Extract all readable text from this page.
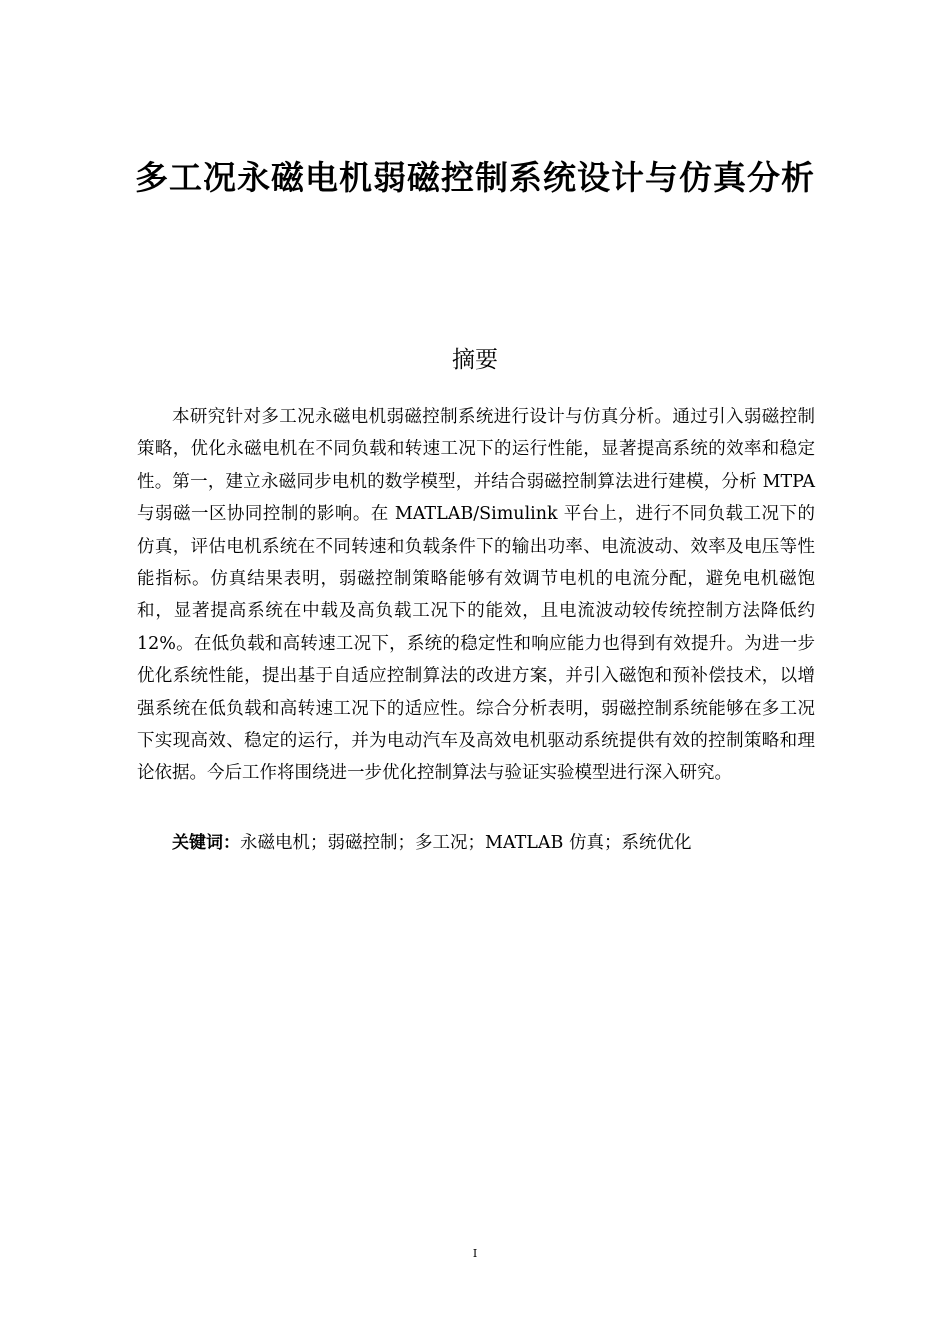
多工况永磁电机弱磁控制系统设计与仿真分析
摘要

本研究针对多工况永磁电机弱磁控制系统进行设计与仿真分析。通过引入弱磁控制策略，优化永磁电机在不同负载和转速工况下的运行性能，显著提高系统的效率和稳定性。第一，建立永磁同步电机的数学模型，并结合弱磁控制算法进行建模，分析 MTPA 与弱磁一区协同控制的影响。在 MATLAB/Simulink 平台上，进行不同负载工况下的仿真，评估电机系统在不同转速和负载条件下的输出功率、电流波动、效率及电压等性能指标。仿真结果表明，弱磁控制策略能够有效调节电机的电流分配，避免电机磁饱和，显著提高系统在中载及高负载工况下的能效，且电流波动较传统控制方法降低约 12%。在低负载和高转速工况下，系统的稳定性和响应能力也得到有效提升。为进一步优化系统性能，提出基于自适应控制算法的改进方案，并引入磁饱和预补偿技术，以增强系统在低负载和高转速工况下的适应性。综合分析表明，弱磁控制系统能够在多工况下实现高效、稳定的运行，并为电动汽车及高效电机驱动系统提供有效的控制策略和理论依据。今后工作将围绕进一步优化控制算法与验证实验模型进行深入研究。

关键词：永磁电机；弱磁控制；多工况；MATLAB 仿真；系统优化

I
